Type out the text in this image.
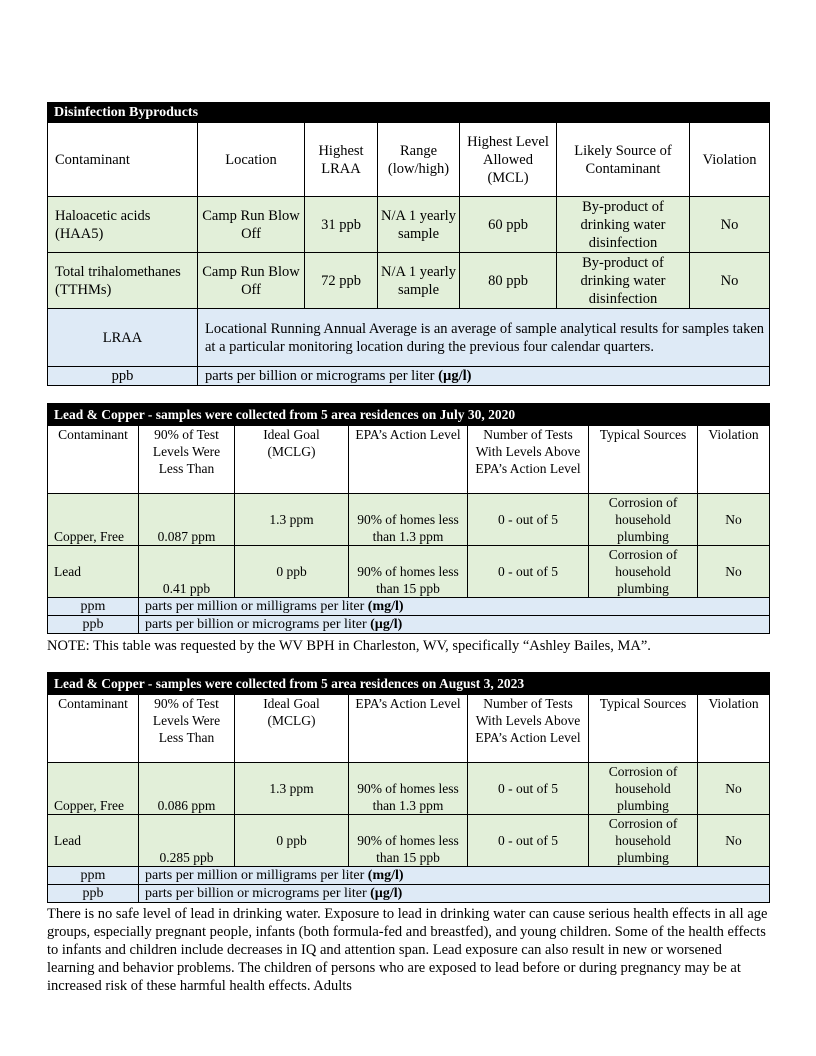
Disinfection Byproducts						
Contaminant	Location	Highest LRAA	Range (low/high)	Highest Level Allowed (MCL)	Likely Source of Contaminant	Violation
Haloacetic acids (HAA5)	Camp Run Blow Off	31 ppb	N/A 1 yearly sample	60 ppb	By-product of drinking water disinfection	No
Total trihalomethanes (TTHMs)	Camp Run Blow Off	72 ppb	N/A 1 yearly sample	80 ppb	By-product of drinking water disinfection	No
LRAA	Locational Running Annual Average is an average of sample analytical results for samples taken at a particular monitoring location during the previous four calendar quarters.					
ppb	parts per billion or micrograms per liter (µg/l)					
Lead & Copper - samples were collected from 5 area residences on July 30, 2020						
Contaminant	90% of Test Levels Were Less Than	Ideal Goal (MCLG)	EPA’s Action Level	Number of Tests With Levels Above EPA’s Action Level	Typical Sources	Violation
Copper, Free	0.087 ppm	1.3 ppm	90% of homes less than 1.3 ppm	0 - out of 5	Corrosion of household plumbing	No
Lead	0.41 ppb	0 ppb	90% of homes less than 15 ppb	0 - out of 5	Corrosion of household plumbing	No
ppm	parts per million or milligrams per liter (mg/l)					
ppb	parts per billion or micrograms per liter (µg/l)					
NOTE: This table was requested by the WV BPH in Charleston, WV, specifically “Ashley Bailes, MA”.
Lead & Copper - samples were collected from 5 area residences on August 3, 2023						
Contaminant	90% of Test Levels Were Less Than	Ideal Goal (MCLG)	EPA’s Action Level	Number of Tests With Levels Above EPA’s Action Level	Typical Sources	Violation
Copper, Free	0.086 ppm	1.3 ppm	90% of homes less than 1.3 ppm	0 - out of 5	Corrosion of household plumbing	No
Lead	0.285 ppb	0 ppb	90% of homes less than 15 ppb	0 - out of 5	Corrosion of household plumbing	No
ppm	parts per million or milligrams per liter (mg/l)					
ppb	parts per billion or micrograms per liter (µg/l)					
There is no safe level of lead in drinking water. Exposure to lead in drinking water can cause serious health effects in all age groups, especially pregnant people, infants (both formula-fed and breastfed), and young children. Some of the health effects to infants and children include decreases in IQ and attention span. Lead exposure can also result in new or worsened learning and behavior problems. The children of persons who are exposed to lead before or during pregnancy may be at increased risk of these harmful health effects. Adults
